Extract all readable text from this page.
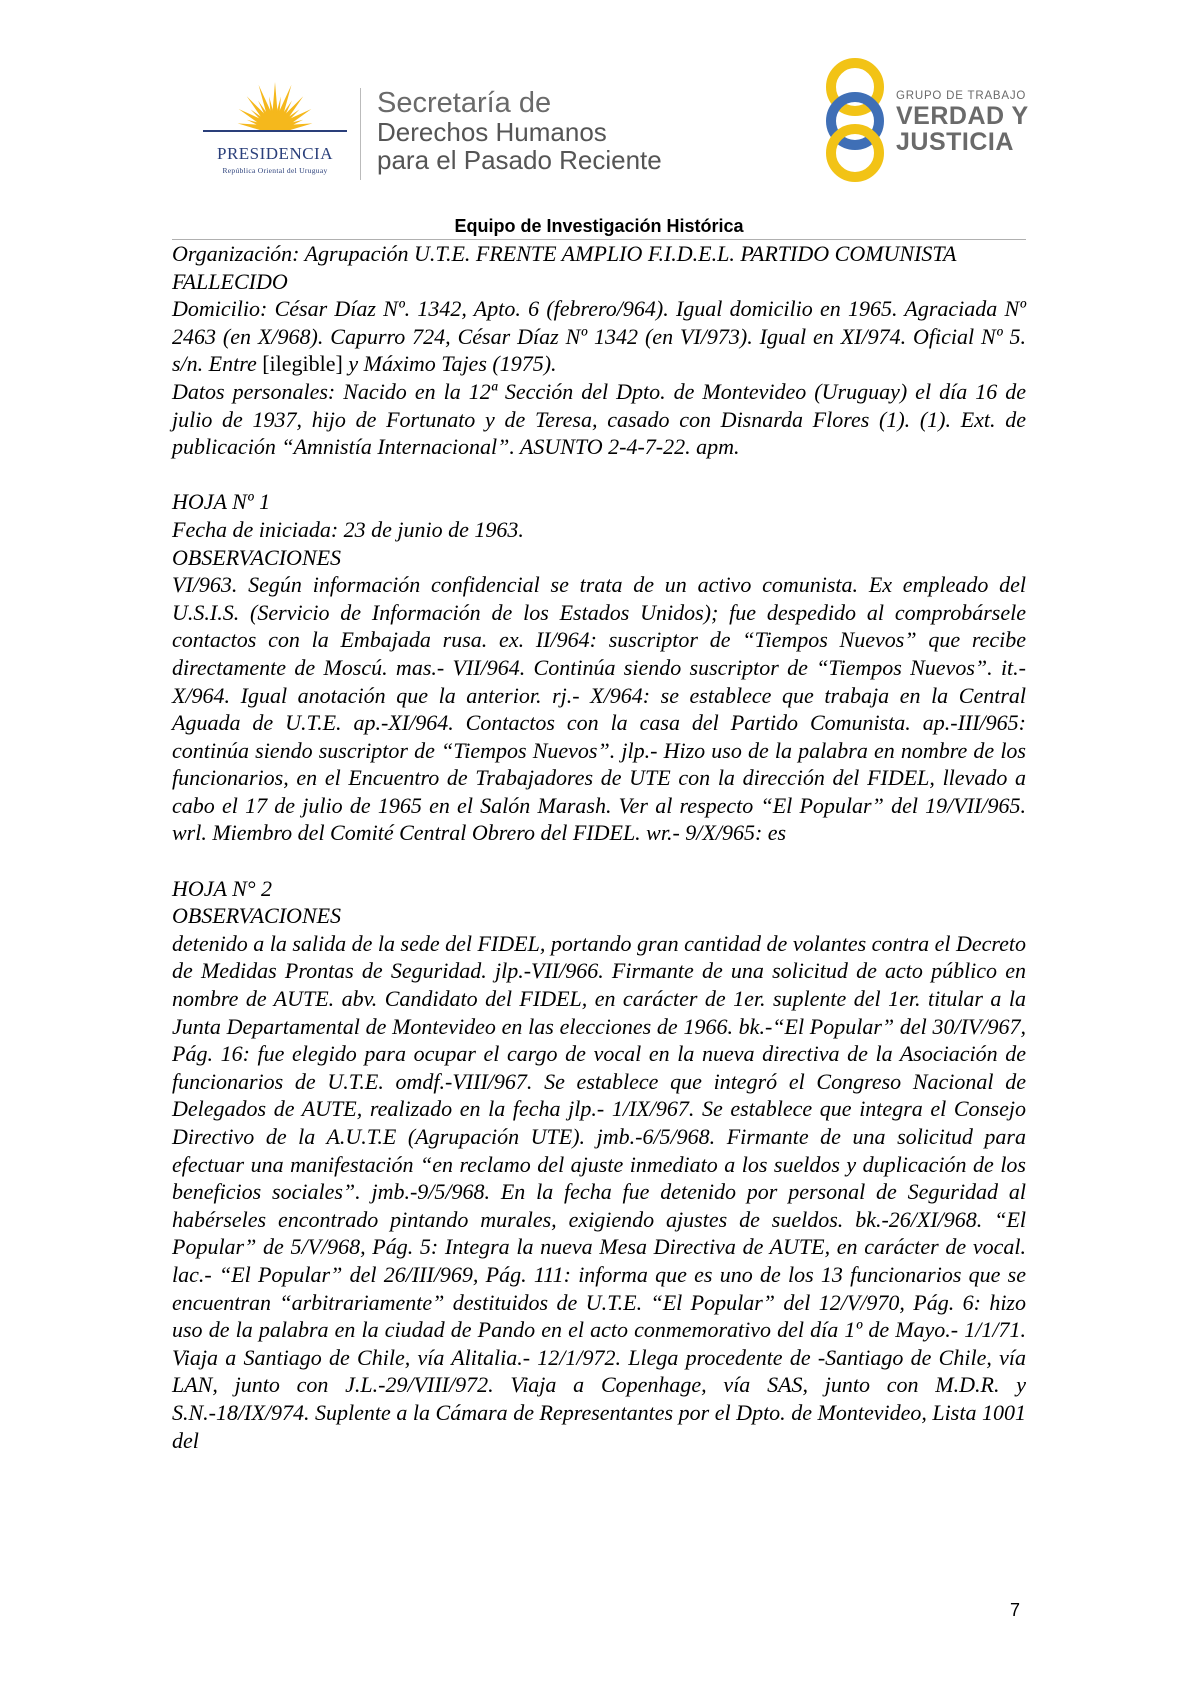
PRESIDENCIA
República Oriental del Uruguay
Secretaría de
Derechos Humanos
para el Pasado Reciente
GRUPO DE TRABAJO
VERDAD Y
JUSTICIA
Equipo de Investigación Histórica

Organización: Agrupación U.T.E. FRENTE AMPLIO F.I.D.E.L. PARTIDO COMUNISTA

FALLECIDO

Domicilio: César Díaz Nº. 1342, Apto. 6 (febrero/964). Igual domicilio en 1965. Agraciada Nº 2463 (en X/968). Capurro 724, César Díaz Nº 1342 (en VI/973). Igual en XI/974. Oficial Nº 5. s/n. Entre [ilegible] y Máximo Tajes (1975).

Datos personales: Nacido en la 12ª Sección del Dpto. de Montevideo (Uruguay) el día 16 de julio de 1937, hijo de Fortunato y de Teresa, casado con Disnarda Flores (1). (1). Ext. de publicación “Amnistía Internacional”. ASUNTO 2-4-7-22. apm.

HOJA Nº 1

Fecha de iniciada: 23 de junio de 1963.

OBSERVACIONES

VI/963. Según información confidencial se trata de un activo comunista. Ex empleado del U.S.I.S. (Servicio de Información de los Estados Unidos); fue despedido al comprobársele contactos con la Embajada rusa. ex. II/964: suscriptor de “Tiempos Nuevos” que recibe directamente de Moscú. mas.- VII/964. Continúa siendo suscriptor de “Tiempos Nuevos”. it.- X/964. Igual anotación que la anterior. rj.- X/964: se establece que trabaja en la Central Aguada de U.T.E. ap.-XI/964. Contactos con la casa del Partido Comunista. ap.-III/965: continúa siendo suscriptor de “Tiempos Nuevos”. jlp.- Hizo uso de la palabra en nombre de los funcionarios, en el Encuentro de Trabajadores de UTE con la dirección del FIDEL, llevado a cabo el 17 de julio de 1965 en el Salón Marash. Ver al respecto “El Popular” del 19/VII/965. wrl. Miembro del Comité Central Obrero del FIDEL. wr.- 9/X/965: es

HOJA N° 2

OBSERVACIONES

detenido a la salida de la sede del FIDEL, portando gran cantidad de volantes contra el Decreto de Medidas Prontas de Seguridad. jlp.-VII/966. Firmante de una solicitud de acto público en nombre de AUTE. abv. Candidato del FIDEL, en carácter de 1er. suplente del 1er. titular a la Junta Departamental de Montevideo en las elecciones de 1966. bk.-“El Popular” del 30/IV/967, Pág. 16: fue elegido para ocupar el cargo de vocal en la nueva directiva de la Asociación de funcionarios de U.T.E. omdf.-VIII/967. Se establece que integró el Congreso Nacional de Delegados de AUTE, realizado en la fecha jlp.- 1/IX/967. Se establece que integra el Consejo Directivo de la A.U.T.E (Agrupación UTE). jmb.-6/5/968. Firmante de una solicitud para efectuar una manifestación “en reclamo del ajuste inmediato a los sueldos y duplicación de los beneficios sociales”. jmb.-9/5/968. En la fecha fue detenido por personal de Seguridad al habérseles encontrado pintando murales, exigiendo ajustes de sueldos. bk.-26/XI/968. “El Popular” de 5/V/968, Pág. 5: Integra la nueva Mesa Directiva de AUTE, en carácter de vocal. lac.- “El Popular” del 26/III/969, Pág. 111: informa que es uno de los 13 funcionarios que se encuentran “arbitrariamente” destituidos de U.T.E. “El Popular” del 12/V/970, Pág. 6: hizo uso de la palabra en la ciudad de Pando en el acto conmemorativo del día 1º de Mayo.- 1/1/71. Viaja a Santiago de Chile, vía Alitalia.- 12/1/972. Llega procedente de -Santiago de Chile, vía LAN, junto con J.L.-29/VIII/972. Viaja a Copenhage, vía SAS, junto con M.D.R. y S.N.-18/IX/974. Suplente a la Cámara de Representantes por el Dpto. de Montevideo, Lista 1001 del

7
